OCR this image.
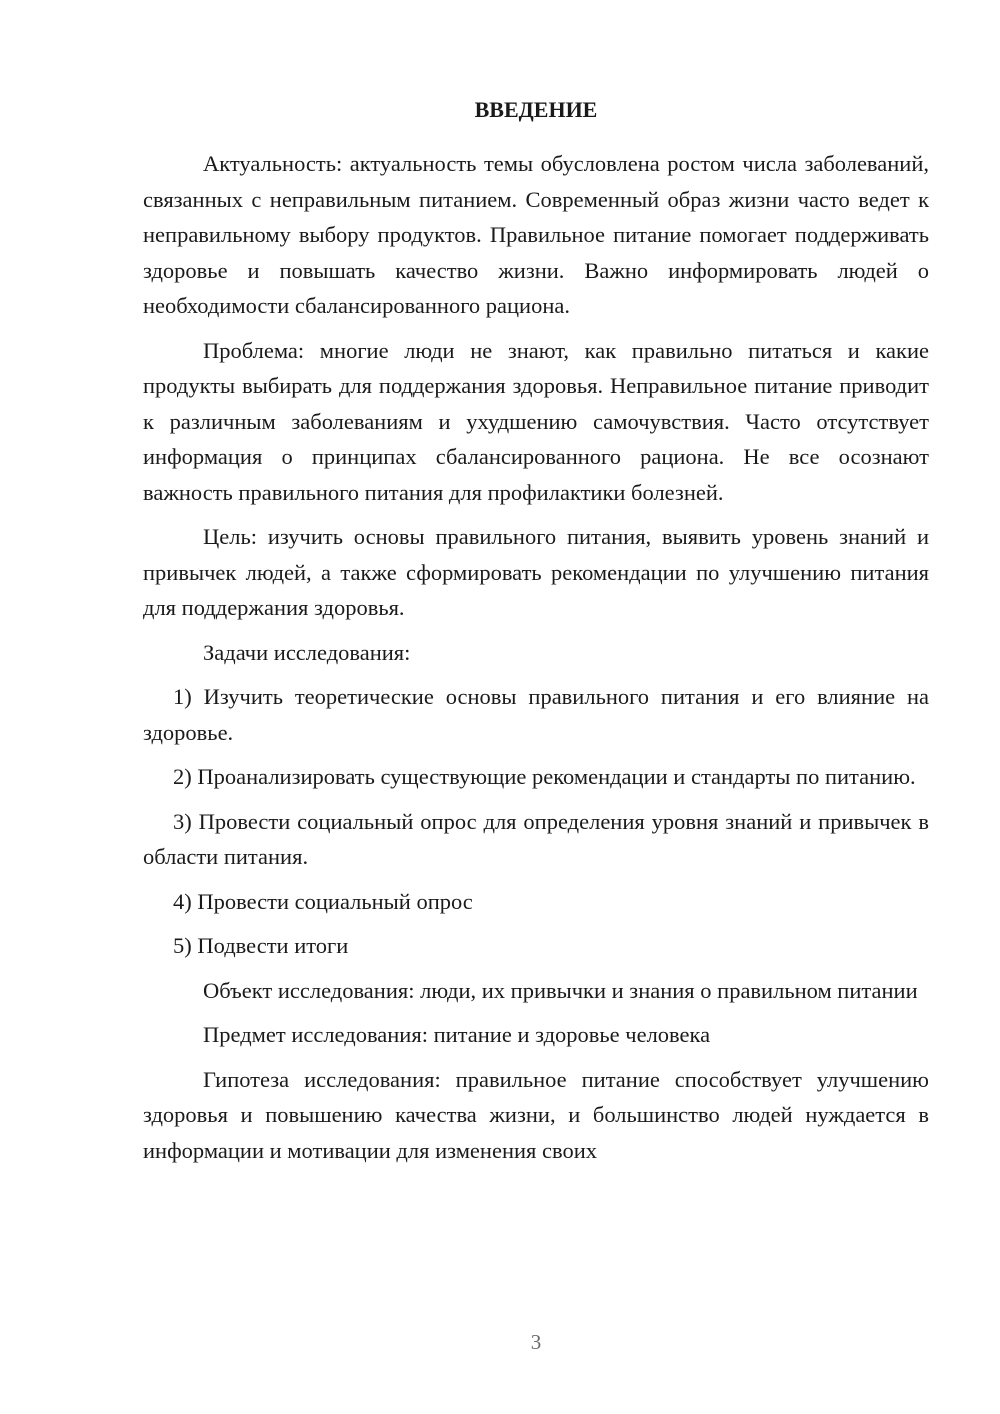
ВВЕДЕНИЕ

Актуальность: актуальность темы обусловлена ростом числа заболеваний, связанных с неправильным питанием. Современный образ жизни часто ведет к неправильному выбору продуктов. Правильное питание помогает поддерживать здоровье и повышать качество жизни. Важно информировать людей о необходимости сбалансированного рациона.

Проблема: многие люди не знают, как правильно питаться и какие продукты выбирать для поддержания здоровья. Неправильное питание приводит к различным заболеваниям и ухудшению самочувствия. Часто отсутствует информация о принципах сбалансированного рациона. Не все осознают важность правильного питания для профилактики болезней.

Цель: изучить основы правильного питания, выявить уровень знаний и привычек людей, а также сформировать рекомендации по улучшению питания для поддержания здоровья.

Задачи исследования:

1) Изучить теоретические основы правильного питания и его влияние на здоровье.

2) Проанализировать существующие рекомендации и стандарты по питанию.

3) Провести социальный опрос для определения уровня знаний и привычек в области питания.

4) Провести социальный опрос

5) Подвести итоги

Объект исследования: люди, их привычки и знания о правильном питании

Предмет исследования: питание и здоровье человека

Гипотеза исследования: правильное питание способствует улучшению здоровья и повышению качества жизни, и большинство людей нуждается в информации и мотивации для изменения своих

3
